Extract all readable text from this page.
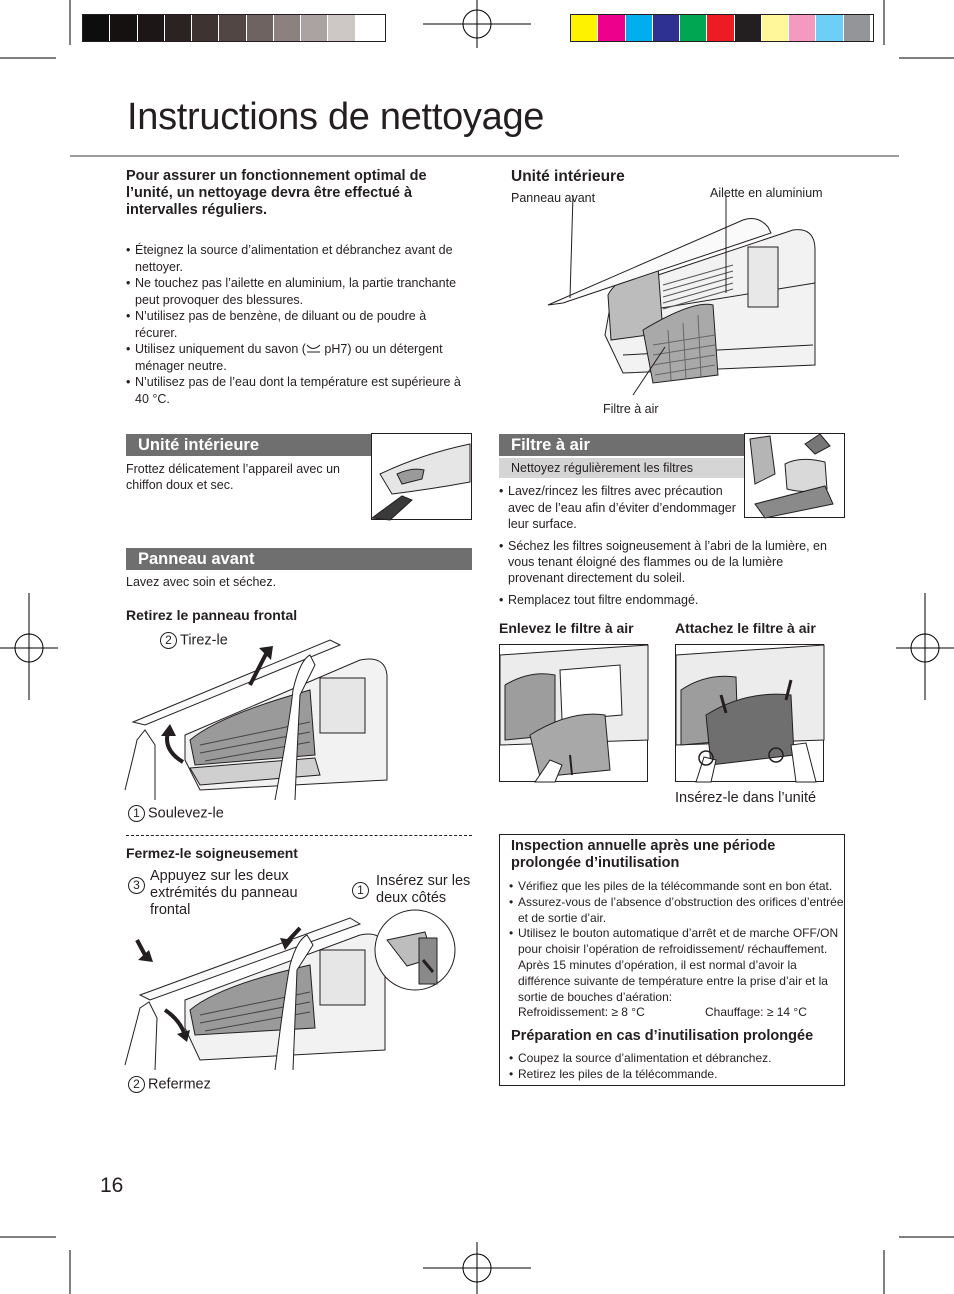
Instructions de nettoyage
Pour assurer un fonctionnement optimal de l’unité, un nettoyage devra être effectué à intervalles réguliers.
• Éteignez la source d’alimentation et débranchez avant de nettoyer.
• Ne touchez pas l’ailette en aluminium, la partie tranchante peut provoquer des blessures.
• N’utilisez pas de benzène, de diluant ou de poudre à récurer.
• Utilisez uniquement du savon (
pH7) ou un détergent ménager neutre.
• N’utilisez pas de l’eau dont la température est supérieure à 40 °C.
Unité intérieure
Panneau avant	Ailette en aluminium
Filtre à air
Unité intérieure
Frottez délicatement l’appareil avec un chiffon doux et sec.
Panneau avant
Lavez avec soin et séchez.
Retirez le panneau frontal
2 Tirez-le
1 Soulevez-le
Fermez-le soigneusement
3
Appuyez sur les deux extrémités du panneau frontal
1
Insérez sur les deux côtés
2 Refermez
Filtre à air
Nettoyez régulièrement les filtres
• Lavez/rincez les filtres avec précaution avec de l’eau afin d’éviter d’endommager leur surface.
• Séchez les filtres soigneusement à l’abri de la lumière, en vous tenant éloigné des flammes ou de la lumière provenant directement du soleil.
• Remplacez tout filtre endommagé.
Enlevez le filtre à air	Attachez le filtre à air
Insérez-le dans l’unité
Inspection annuelle après une période prolongée d’inutilisation
• Vérifiez que les piles de la télécommande sont en bon état.
• Assurez-vous de l’absence d’obstruction des orifices d’entrée et de sortie d’air.
• Utilisez le bouton automatique d’arrêt et de marche OFF/ON pour choisir l’opération de refroidissement/ réchauffement. Après 15 minutes d’opération, il est normal d’avoir la différence suivante de température entre la prise d’air et la sortie de bouches d’aération:
Refroidissement: ≥ 8 °C	Chauffage: ≥ 14 °C
Préparation en cas d’inutilisation prolongée
• Coupez la source d’alimentation et débranchez.
• Retirez les piles de la télécommande.
16
